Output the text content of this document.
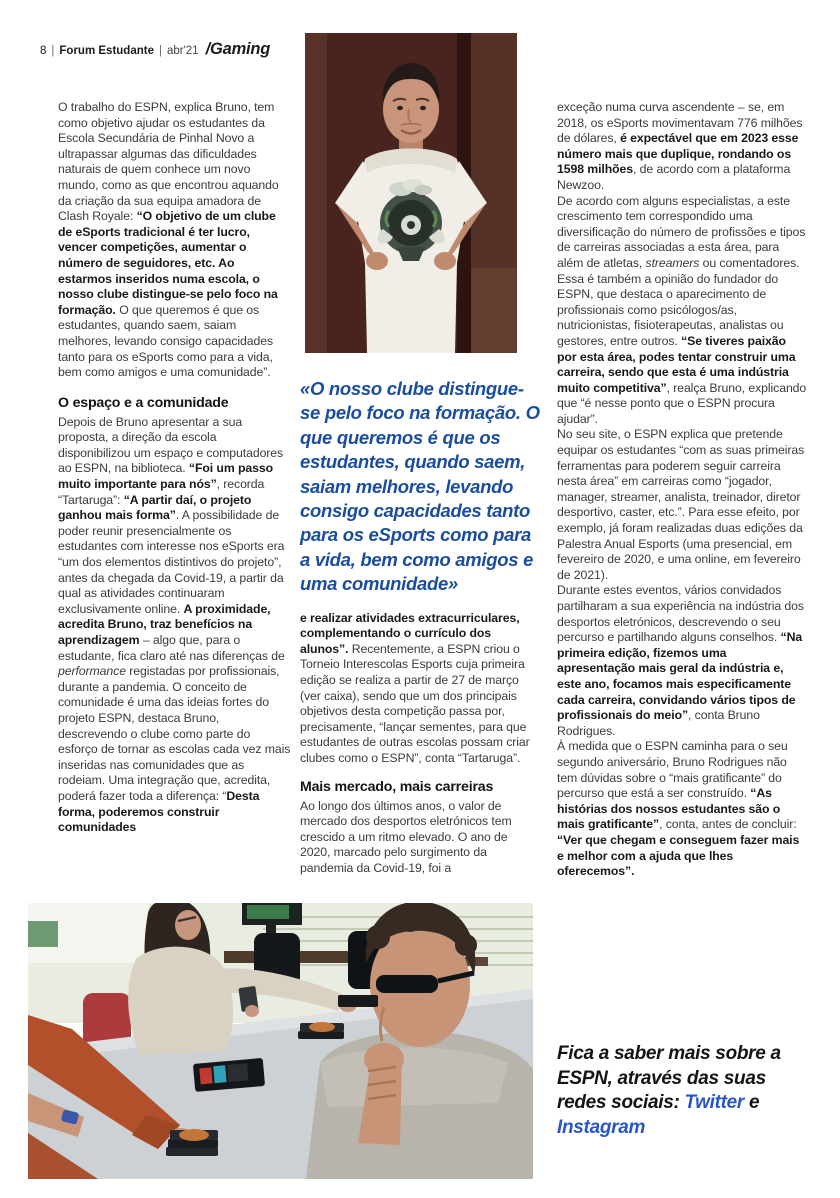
8 | Forum Estudante | abr'21 /Gaming

O trabalho do ESPN, explica Bruno, tem como objetivo ajudar os estudantes da Escola Secundária de Pinhal Novo a ultrapassar algumas das dificuldades naturais de quem conhece um novo mundo, como as que encontrou aquando da criação da sua equipa amadora de Clash Royale: “O objetivo de um clube de eSports tradicional é ter lucro, vencer competições, aumentar o número de seguidores, etc. Ao estarmos inseridos numa escola, o nosso clube distingue-se pelo foco na formação. O que queremos é que os estudantes, quando saem, saiam melhores, levando consigo capacidades tanto para os eSports como para a vida, bem como amigos e uma comunidade”.

O espaço e a comunidade

Depois de Bruno apresentar a sua proposta, a direção da escola disponibilizou um espaço e computadores ao ESPN, na biblioteca. “Foi um passo muito importante para nós”, recorda “Tartaruga”: “A partir daí, o projeto ganhou mais forma”. A possibilidade de poder reunir presencialmente os estudantes com interesse nos eSports era “um dos elementos distintivos do projeto”, antes da chegada da Covid-19, a partir da qual as atividades continuaram exclusivamente online. A proximidade, acredita Bruno, traz benefícios na aprendizagem – algo que, para o estudante, fica claro até nas diferenças de performance registadas por profissionais, durante a pandemia. O conceito de comunidade é uma das ideias fortes do projeto ESPN, destaca Bruno, descrevendo o clube como parte do esforço de tornar as escolas cada vez mais inseridas nas comunidades que as rodeiam. Uma integração que, acredita, poderá fazer toda a diferença: “Desta forma, poderemos construir comunidades

«O nosso clube distingue-se pelo foco na formação. O que queremos é que os estudantes, quando saem, saiam melhores, levando consigo capacidades tanto para os eSports como para a vida, bem como amigos e uma comunidade»

e realizar atividades extracurriculares, complementando o currículo dos alunos”. Recentemente, a ESPN criou o Torneio Interescolas Esports cuja primeira edição se realiza a partir de 27 de março (ver caixa), sendo que um dos principais objetivos desta competição passa por, precisamente, “lançar sementes, para que estudantes de outras escolas possam criar clubes como o ESPN”, conta “Tartaruga”.

Mais mercado, mais carreiras

Ao longo dos últimos anos, o valor de mercado dos desportos eletrónicos tem crescido a um ritmo elevado. O ano de 2020, marcado pelo surgimento da pandemia da Covid-19, foi a

exceção numa curva ascendente – se, em 2018, os eSports movimentavam 776 milhões de dólares, é expectável que em 2023 esse número mais que duplique, rondando os 1598 milhões, de acordo com a plataforma Newzoo.

De acordo com alguns especialistas, a este crescimento tem correspondido uma diversificação do número de profissões e tipos de carreiras associadas a esta área, para além de atletas, streamers ou comentadores. Essa é também a opinião do fundador do ESPN, que destaca o aparecimento de profissionais como psicólogos/as, nutricionistas, fisioterapeutas, analistas ou gestores, entre outros. “Se tiveres paixão por esta área, podes tentar construir uma carreira, sendo que esta é uma indústria muito competitiva”, realça Bruno, explicando que “é nesse ponto que o ESPN procura ajudar”.

No seu site, o ESPN explica que pretende equipar os estudantes “com as suas primeiras ferramentas para poderem seguir carreira nesta área” em carreiras como “jogador, manager, streamer, analista, treinador, diretor desportivo, caster, etc.”. Para esse efeito, por exemplo, já foram realizadas duas edições da Palestra Anual Esports (uma presencial, em fevereiro de 2020, e uma online, em fevereiro de 2021).

Durante estes eventos, vários convidados partilharam a sua experiência na indústria dos desportos eletrónicos, descrevendo o seu percurso e partilhando alguns conselhos. “Na primeira edição, fizemos uma apresentação mais geral da indústria e, este ano, focamos mais especificamente cada carreira, convidando vários tipos de profissionais do meio”, conta Bruno Rodrigues.

À medida que o ESPN caminha para o seu segundo aniversário, Bruno Rodrigues não tem dúvidas sobre o “mais gratificante” do percurso que está a ser construído. “As histórias dos nossos estudantes são o mais gratificante”, conta, antes de concluir: “Ver que chegam e conseguem fazer mais e melhor com a ajuda que lhes oferecemos”.

Fica a saber mais sobre a ESPN, através das suas redes sociais: Twitter e Instagram
